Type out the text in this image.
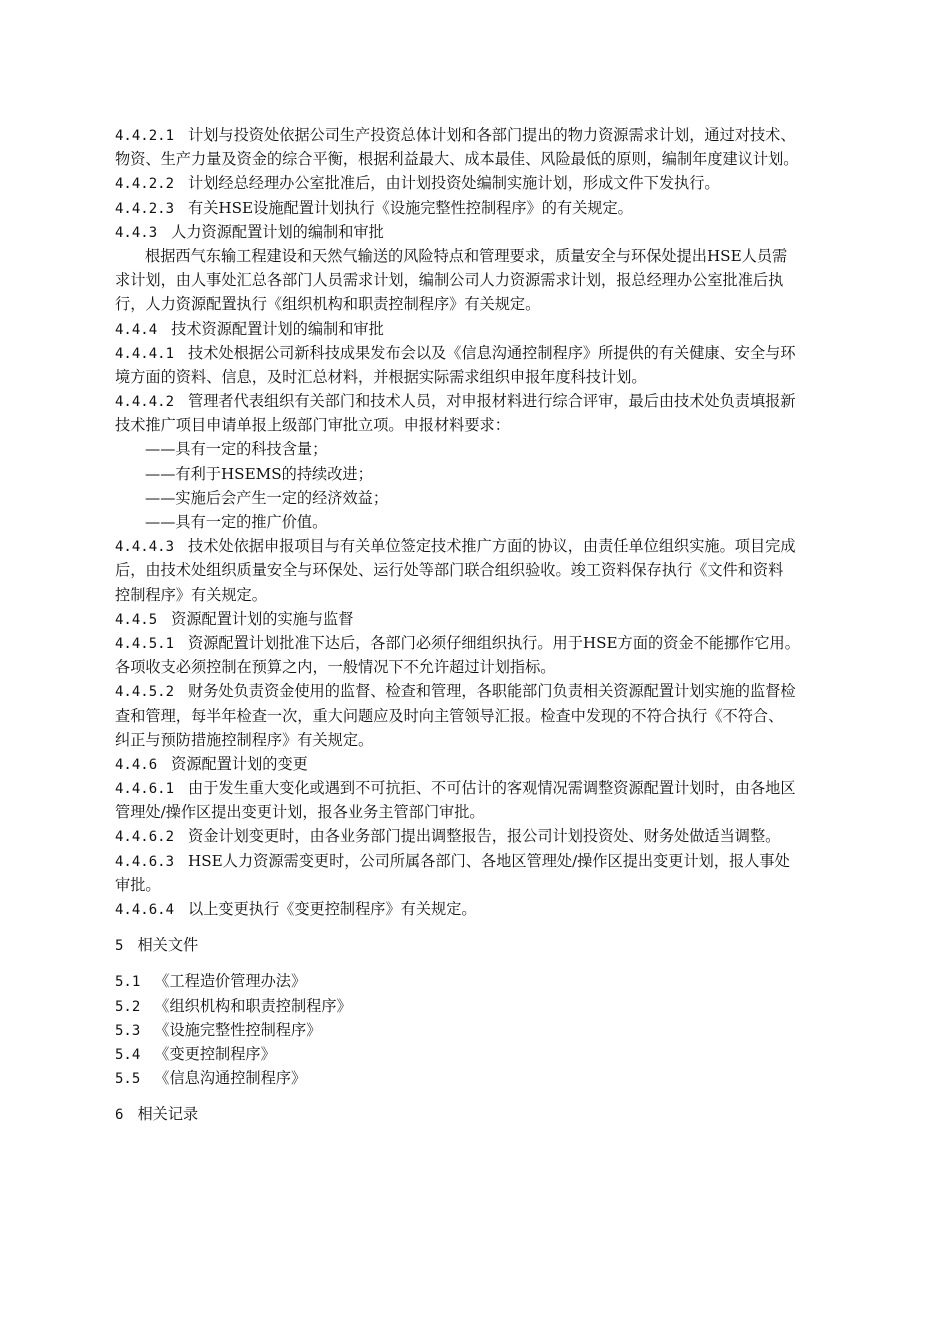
4.4.2.1 计划与投资处依据公司生产投资总体计划和各部门提出的物力资源需求计划，通过对技术、
物资、生产力量及资金的综合平衡，根据利益最大、成本最佳、风险最低的原则，编制年度建议计划。
4.4.2.2 计划经总经理办公室批准后，由计划投资处编制实施计划，形成文件下发执行。
4.4.2.3 有关HSE设施配置计划执行《设施完整性控制程序》的有关规定。
4.4.3 人力资源配置计划的编制和审批
根据西气东输工程建设和天然气输送的风险特点和管理要求，质量安全与环保处提出HSE人员需
求计划，由人事处汇总各部门人员需求计划，编制公司人力资源需求计划，报总经理办公室批准后执
行，人力资源配置执行《组织机构和职责控制程序》有关规定。
4.4.4 技术资源配置计划的编制和审批
4.4.4.1 技术处根据公司新科技成果发布会以及《信息沟通控制程序》所提供的有关健康、安全与环
境方面的资料、信息，及时汇总材料，并根据实际需求组织申报年度科技计划。
4.4.4.2 管理者代表组织有关部门和技术人员，对申报材料进行综合评审，最后由技术处负责填报新
技术推广项目申请单报上级部门审批立项。申报材料要求：
——具有一定的科技含量；
——有利于HSEMS的持续改进；
——实施后会产生一定的经济效益；
——具有一定的推广价值。
4.4.4.3 技术处依据申报项目与有关单位签定技术推广方面的协议，由责任单位组织实施。项目完成
后，由技术处组织质量安全与环保处、运行处等部门联合组织验收。竣工资料保存执行《文件和资料
控制程序》有关规定。
4.4.5 资源配置计划的实施与监督
4.4.5.1 资源配置计划批准下达后，各部门必须仔细组织执行。用于HSE方面的资金不能挪作它用。
各项收支必须控制在预算之内，一般情况下不允许超过计划指标。
4.4.5.2 财务处负责资金使用的监督、检查和管理，各职能部门负责相关资源配置计划实施的监督检
查和管理，每半年检查一次，重大问题应及时向主管领导汇报。检查中发现的不符合执行《不符合、
纠正与预防措施控制程序》有关规定。
4.4.6 资源配置计划的变更
4.4.6.1 由于发生重大变化或遇到不可抗拒、不可估计的客观情况需调整资源配置计划时，由各地区
管理处/操作区提出变更计划，报各业务主管部门审批。
4.4.6.2 资金计划变更时，由各业务部门提出调整报告，报公司计划投资处、财务处做适当调整。
4.4.6.3 HSE人力资源需变更时，公司所属各部门、各地区管理处/操作区提出变更计划，报人事处
审批。
4.4.6.4 以上变更执行《变更控制程序》有关规定。
5 相关文件
5.1 《工程造价管理办法》
5.2 《组织机构和职责控制程序》
5.3 《设施完整性控制程序》
5.4 《变更控制程序》
5.5 《信息沟通控制程序》
6 相关记录
